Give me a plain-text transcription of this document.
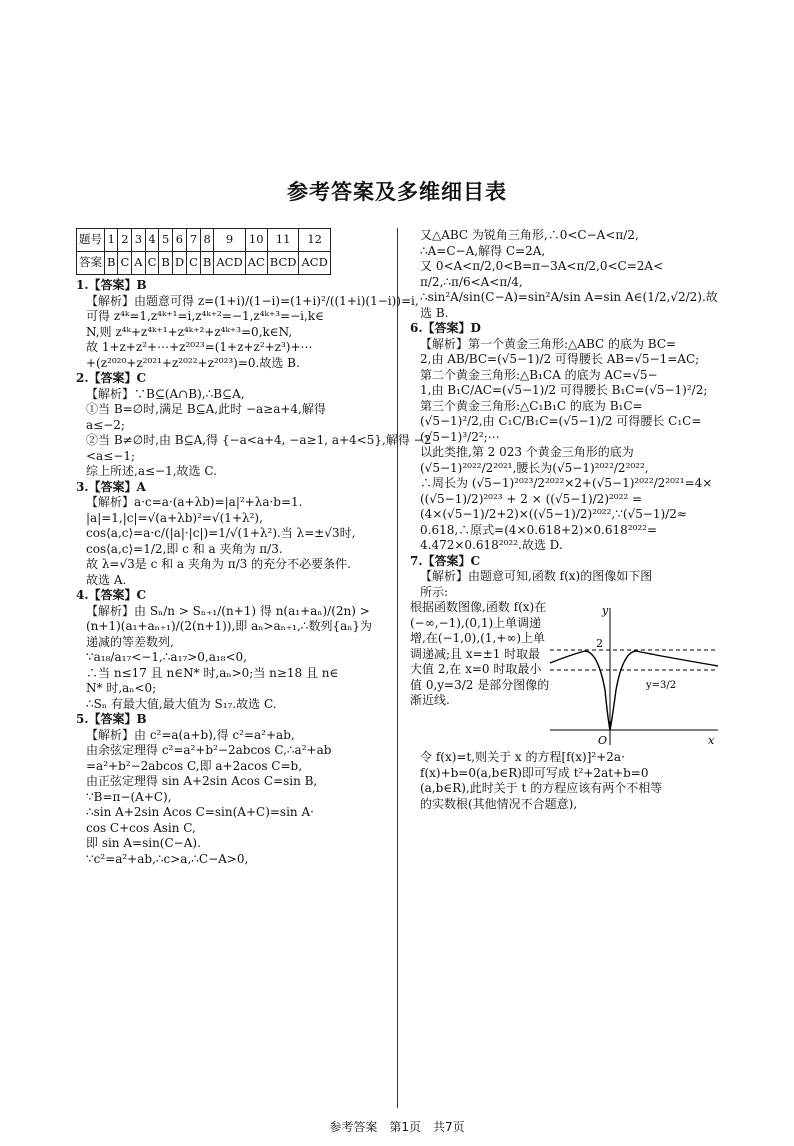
参考答案及多维细目表
题号	1	2	3	4	5	6	7	8	9	10	11	12
答案	B	C	A	C	B	D	C	B	ACD	AC	BCD	ACD
1.【答案】B
【解析】由题意可得 z=(1+i)/(1−i)=(1+i)²/((1+i)(1−i))=i,
可得 z⁴ᵏ=1,z⁴ᵏ⁺¹=i,z⁴ᵏ⁺²=−1,z⁴ᵏ⁺³=−i,k∈
N,则 z⁴ᵏ+z⁴ᵏ⁺¹+z⁴ᵏ⁺²+z⁴ᵏ⁺³=0,k∈N,
故 1+z+z²+⋯+z²⁰²³=(1+z+z²+z³)+⋯
+(z²⁰²⁰+z²⁰²¹+z²⁰²²+z²⁰²³)=0.故选 B.
2.【答案】C
【解析】∵B⊆(A∩B),∴B⊆A,
①当 B=∅时,满足 B⊆A,此时 −a≥a+4,解得
a≤−2;
②当 B≠∅时,由 B⊆A,得 {−a<a+4, −a≥1, a+4<5},解得 −2
<a≤−1;
综上所述,a≤−1,故选 C.
3.【答案】A
【解析】a·c=a·(a+λb)=|a|²+λa·b=1.
|a|=1,|c|=√(a+λb)²=√(1+λ²),
cos⟨a,c⟩=a·c/(|a|·|c|)=1/√(1+λ²).当 λ=±√3时,
cos⟨a,c⟩=1/2,即 c 和 a 夹角为 π/3.
故 λ=√3是 c 和 a 夹角为 π/3 的充分不必要条件.
故选 A.
4.【答案】C
【解析】由 Sₙ/n > Sₙ₊₁/(n+1) 得 n(a₁+aₙ)/(2n) >
(n+1)(a₁+aₙ₊₁)/(2(n+1)),即 aₙ>aₙ₊₁,∴数列{aₙ}为
递减的等差数列,
∵a₁₈/a₁₇<−1,∴a₁₇>0,a₁₈<0,
∴当 n≤17 且 n∈N* 时,aₙ>0;当 n≥18 且 n∈
N* 时,aₙ<0;
∴Sₙ 有最大值,最大值为 S₁₇.故选 C.
5.【答案】B
【解析】由 c²=a(a+b),得 c²=a²+ab,
由余弦定理得 c²=a²+b²−2abcos C,∴a²+ab
=a²+b²−2abcos C,即 a+2acos C=b,
由正弦定理得 sin A+2sin Acos C=sin B,
∵B=π−(A+C),
∴sin A+2sin Acos C=sin(A+C)=sin A·
cos C+cos Asin C,
即 sin A=sin(C−A).
∵c²=a²+ab,∴c>a,∴C−A>0,
又△ABC 为锐角三角形,∴0<C−A<π/2,
∴A=C−A,解得 C=2A,
又 0<A<π/2,0<B=π−3A<π/2,0<C=2A<
π/2,∴π/6<A<π/4,
∴sin²A/sin(C−A)=sin²A/sin A=sin A∈(1/2,√2/2).故
选 B.
6.【答案】D
【解析】第一个黄金三角形:△ABC 的底为 BC=
2,由 AB/BC=(√5−1)/2 可得腰长 AB=√5−1=AC;
第二个黄金三角形:△B₁CA 的底为 AC=√5−
1,由 B₁C/AC=(√5−1)/2 可得腰长 B₁C=(√5−1)²/2;
第三个黄金三角形:△C₁B₁C 的底为 B₁C=
(√5−1)²/2,由 C₁C/B₁C=(√5−1)/2 可得腰长 C₁C=
(√5−1)³/2²;⋯
以此类推,第 2 023 个黄金三角形的底为
(√5−1)²⁰²²/2²⁰²¹,腰长为(√5−1)²⁰²²/2²⁰²²,
∴周长为 (√5−1)²⁰²³/2²⁰²²×2+(√5−1)²⁰²²/2²⁰²¹=4×
((√5−1)/2)²⁰²³ + 2 × ((√5−1)/2)²⁰²² =
(4×(√5−1)/2+2)×((√5−1)/2)²⁰²²,∵(√5−1)/2≈
0.618,∴原式=(4×0.618+2)×0.618²⁰²²=
4.472×0.618²⁰²².故选 D.
7.【答案】C
【解析】由题意可知,函数 f(x)的图像如下图
所示:
根据函数图像,函数 f(x)在(−∞,−1),(0,1)上单调递增,在(−1,0),(1,+∞)上单调递减;且 x=±1 时取最大值 2,在 x=0 时取最小值 0,y=3/2 是部分图像的渐近线.
y
x
O
2
y=3/2
令 f(x)=t,则关于 x 的方程[f(x)]²+2a·
f(x)+b=0(a,b∈R)即可写成 t²+2at+b=0
(a,b∈R),此时关于 t 的方程应该有两个不相等
的实数根(其他情况不合题意),
参考答案　第1页　共7页
